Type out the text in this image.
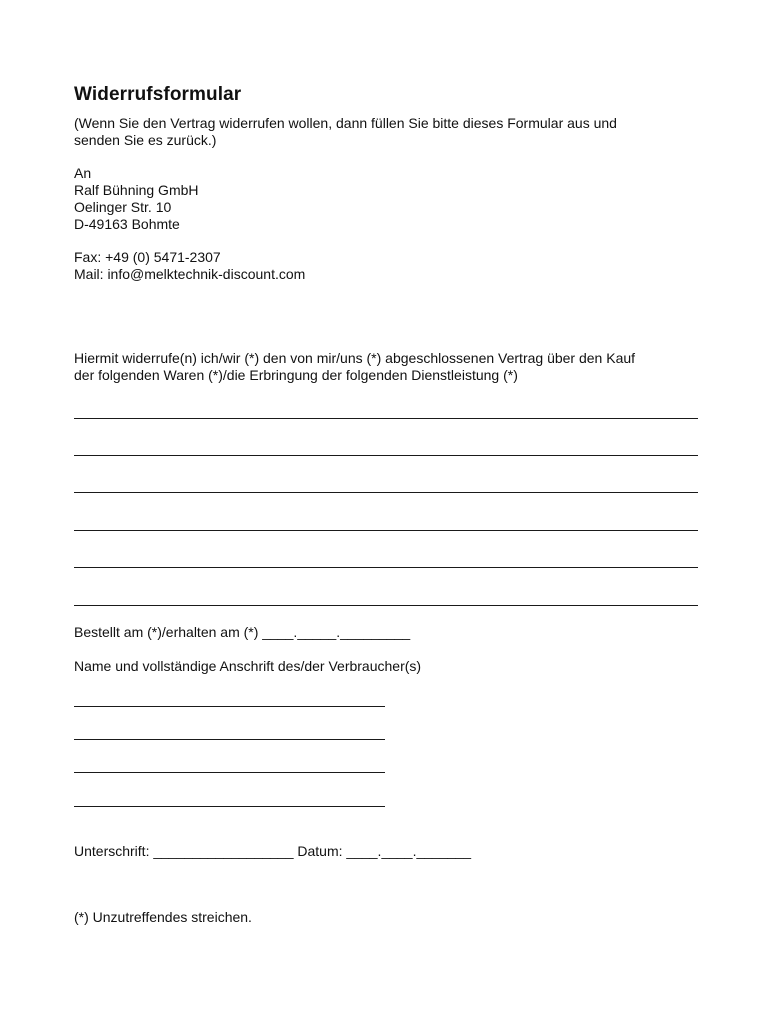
Widerrufsformular
(Wenn Sie den Vertrag widerrufen wollen, dann füllen Sie bitte dieses Formular aus und
senden Sie es zurück.)
An
Ralf Bühning GmbH
Oelinger Str. 10
D-49163 Bohmte
Fax: +49 (0) 5471-2307
Mail: info@melktechnik-discount.com
Hiermit widerrufe(n) ich/wir (*) den von mir/uns (*) abgeschlossenen Vertrag über den Kauf
der folgenden Waren (*)/die Erbringung der folgenden Dienstleistung (*)
Bestellt am (*)/erhalten am (*) ____._____._________
Name und vollständige Anschrift des/der Verbraucher(s)
Unterschrift: __________________ Datum: ____.____._______
(*) Unzutreffendes streichen.
